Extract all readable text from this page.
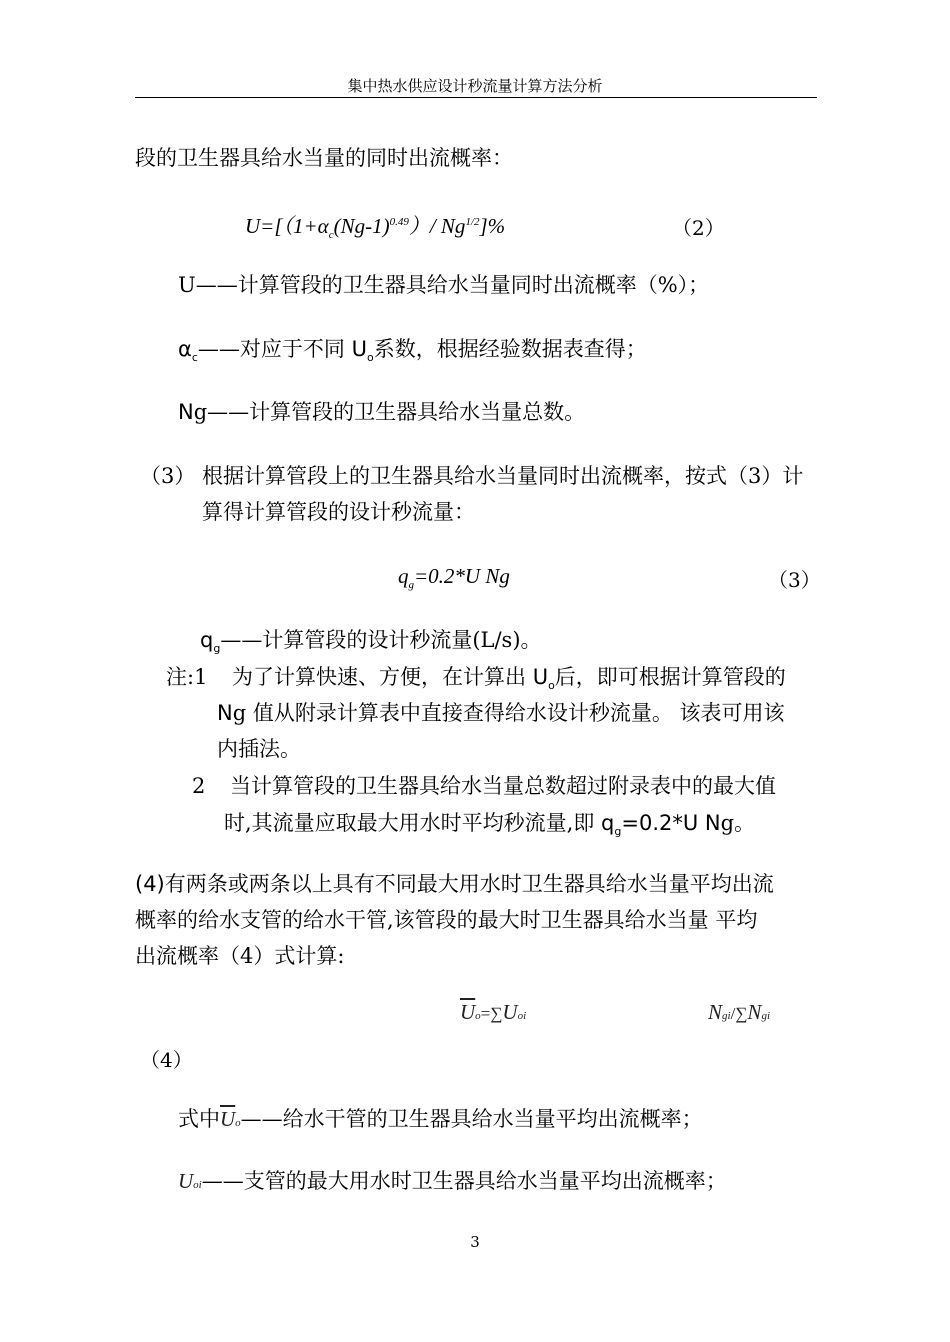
集中热水供应设计秒流量计算方法分析
段的卫生器具给水当量的同时出流概率：
$U=[(1+\alpha_c(Ng-1)^{0.49})/$ $Ng^{1/2}]\%$	（2）
U——计算管段的卫生器具给水当量同时出流概率（%）；
$\alpha_c——$对应于不同 $U_o$系数，根据经验数据表查得；
Ng——计算管段的卫生器具给水当量总数。
（3） 根据计算管段上的卫生器具给水当量同时出流概率，按式（3）计
算得计算管段的设计秒流量：
$q_g=0.2*U$ Ng	（3）
$q_g——$计算管段的设计秒流量(L/s)。
注:1 为了计算快速、方便，在计算出 $U_o$后，即可根据计算管段的
Ng 值从附录计算表中直接查得给水设计秒流量。 该表可用该
内插法。
2 当计算管段的卫生器具给水当量总数超过附录表中的最大值
时,其流量应取最大用水时平均秒流量,即 $q_g=0.2*U$ Ng。
(4)有两条或两条以上具有不同最大用水时卫生器具给水当量平均出流
概率的给水支管的给水干管,该管段的最大时卫生器具给水当量 平均
出流概率（4）式计算:
$\overline{U}o=\sum Uoi$	Ngi/∑Ngi
（4）
式中$\overline{U}o——$给水干管的卫生器具给水当量平均出流概率；
Uoi——支管的最大用水时卫生器具给水当量平均出流概率；
3
